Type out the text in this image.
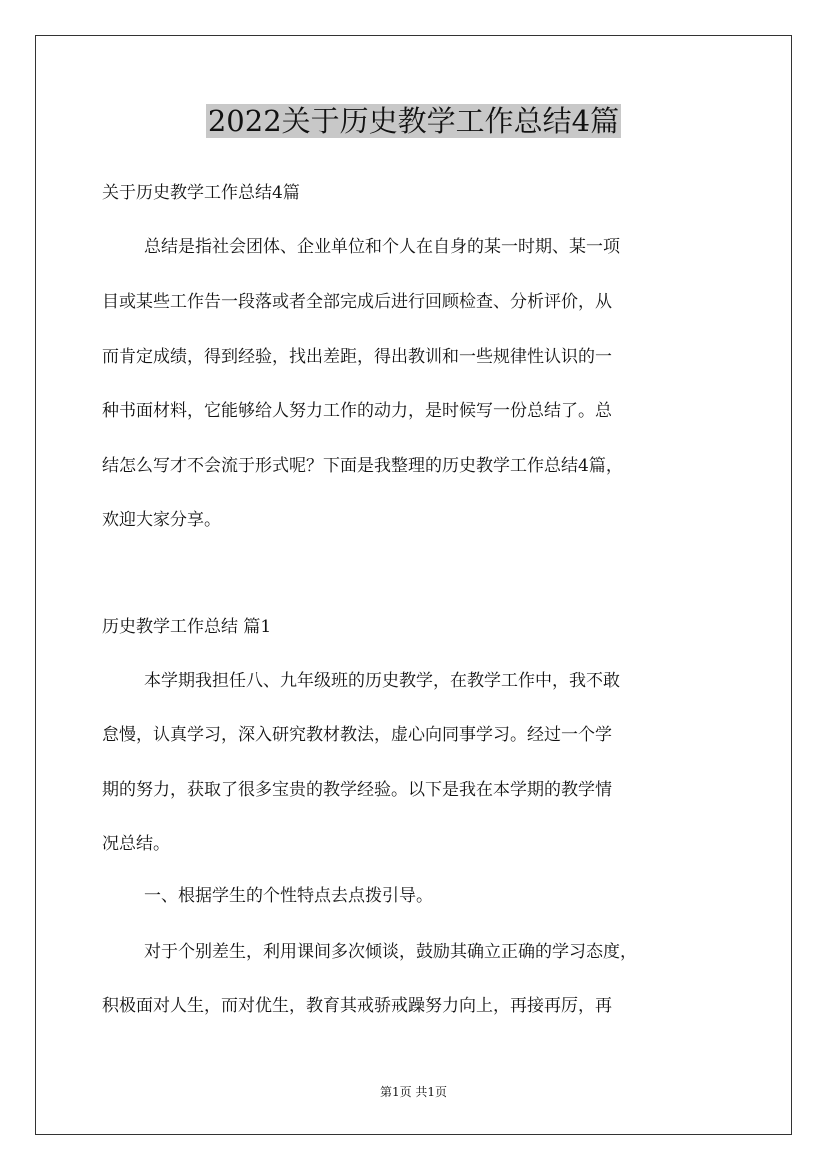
2022关于历史教学工作总结4篇
关于历史教学工作总结4篇
总结是指社会团体、企业单位和个人在自身的某一时期、某一项
目或某些工作告一段落或者全部完成后进行回顾检查、分析评价，从
而肯定成绩，得到经验，找出差距，得出教训和一些规律性认识的一
种书面材料，它能够给人努力工作的动力，是时候写一份总结了。总
结怎么写才不会流于形式呢？下面是我整理的历史教学工作总结4篇，
欢迎大家分享。
历史教学工作总结 篇1
本学期我担任八、九年级班的历史教学，在教学工作中，我不敢
怠慢，认真学习，深入研究教材教法，虚心向同事学习。经过一个学
期的努力，获取了很多宝贵的教学经验。以下是我在本学期的教学情
况总结。
一、根据学生的个性特点去点拨引导。
对于个别差生，利用课间多次倾谈，鼓励其确立正确的学习态度，
积极面对人生，而对优生，教育其戒骄戒躁努力向上，再接再厉，再
第1页 共1页
